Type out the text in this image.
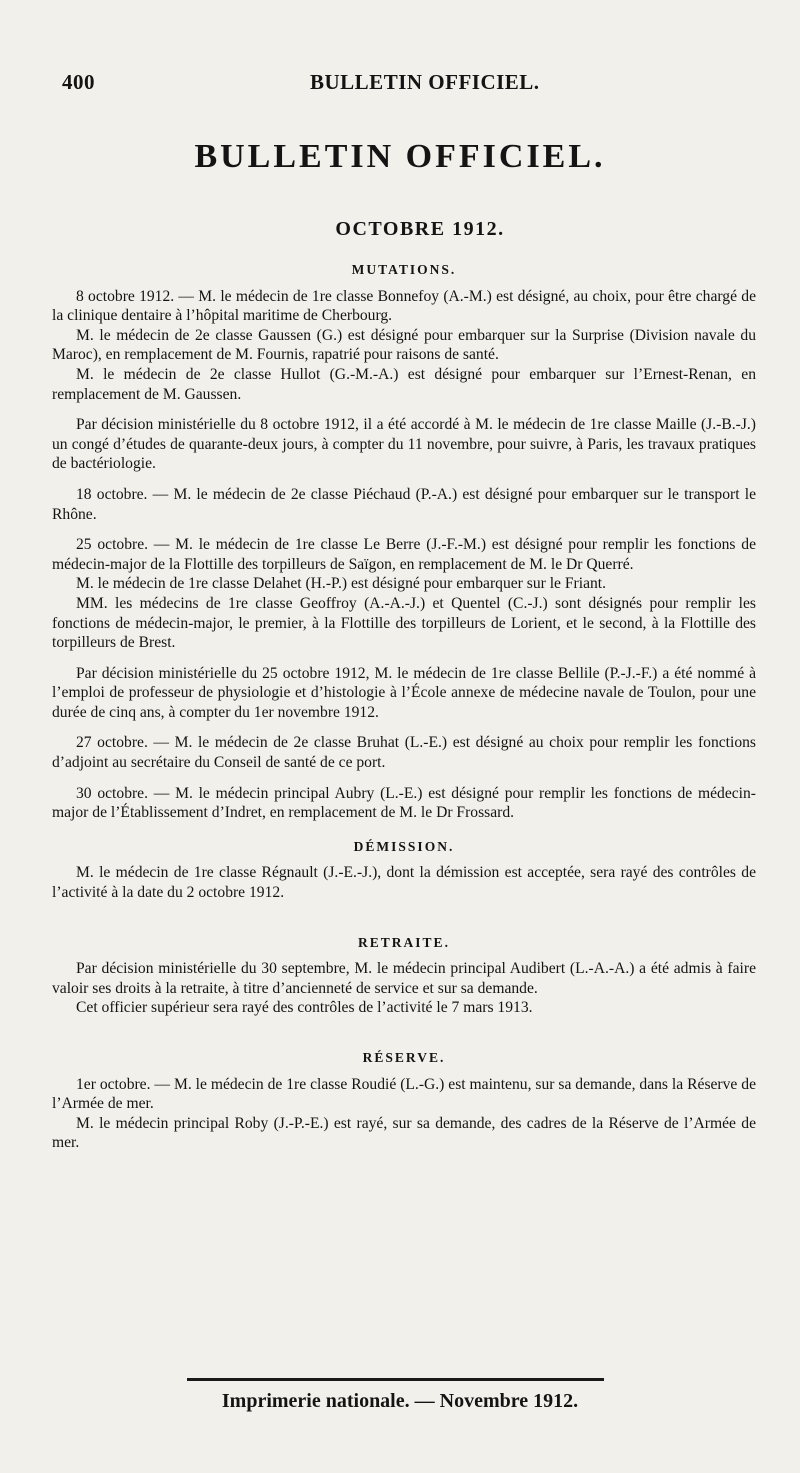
400	BULLETIN OFFICIEL.
BULLETIN OFFICIEL.
OCTOBRE 1912.
MUTATIONS.

8 octobre 1912. — M. le médecin de 1re classe Bonnefoy (A.-M.) est désigné, au choix, pour être chargé de la clinique dentaire à l’hôpital maritime de Cherbourg.

M. le médecin de 2e classe Gaussen (G.) est désigné pour embarquer sur la Surprise (Division navale du Maroc), en remplacement de M. Fournis, rapatrié pour raisons de santé.

M. le médecin de 2e classe Hullot (G.-M.-A.) est désigné pour embarquer sur l’Ernest-Renan, en remplacement de M. Gaussen.

Par décision ministérielle du 8 octobre 1912, il a été accordé à M. le médecin de 1re classe Maille (J.-B.-J.) un congé d’études de quarante-deux jours, à compter du 11 novembre, pour suivre, à Paris, les travaux pratiques de bactériologie.

18 octobre. — M. le médecin de 2e classe Piéchaud (P.-A.) est désigné pour embarquer sur le transport le Rhône.

25 octobre. — M. le médecin de 1re classe Le Berre (J.-F.-M.) est désigné pour remplir les fonctions de médecin-major de la Flottille des torpilleurs de Saïgon, en remplacement de M. le Dr Querré.

M. le médecin de 1re classe Delahet (H.-P.) est désigné pour embarquer sur le Friant.

MM. les médecins de 1re classe Geoffroy (A.-A.-J.) et Quentel (C.-J.) sont désignés pour remplir les fonctions de médecin-major, le premier, à la Flottille des torpilleurs de Lorient, et le second, à la Flottille des torpilleurs de Brest.

Par décision ministérielle du 25 octobre 1912, M. le médecin de 1re classe Bellile (P.-J.-F.) a été nommé à l’emploi de professeur de physiologie et d’histologie à l’École annexe de médecine navale de Toulon, pour une durée de cinq ans, à compter du 1er novembre 1912.

27 octobre. — M. le médecin de 2e classe Bruhat (L.-E.) est désigné au choix pour remplir les fonctions d’adjoint au secrétaire du Conseil de santé de ce port.

30 octobre. — M. le médecin principal Aubry (L.-E.) est désigné pour remplir les fonctions de médecin-major de l’Établissement d’Indret, en remplacement de M. le Dr Frossard.

DÉMISSION.

M. le médecin de 1re classe Régnault (J.-E.-J.), dont la démission est acceptée, sera rayé des contrôles de l’activité à la date du 2 octobre 1912.

RETRAITE.

Par décision ministérielle du 30 septembre, M. le médecin principal Audibert (L.-A.-A.) a été admis à faire valoir ses droits à la retraite, à titre d’ancienneté de service et sur sa demande.

Cet officier supérieur sera rayé des contrôles de l’activité le 7 mars 1913.

RÉSERVE.

1er octobre. — M. le médecin de 1re classe Roudié (L.-G.) est maintenu, sur sa demande, dans la Réserve de l’Armée de mer.

M. le médecin principal Roby (J.-P.-E.) est rayé, sur sa demande, des cadres de la Réserve de l’Armée de mer.

Imprimerie nationale. — Novembre 1912.
